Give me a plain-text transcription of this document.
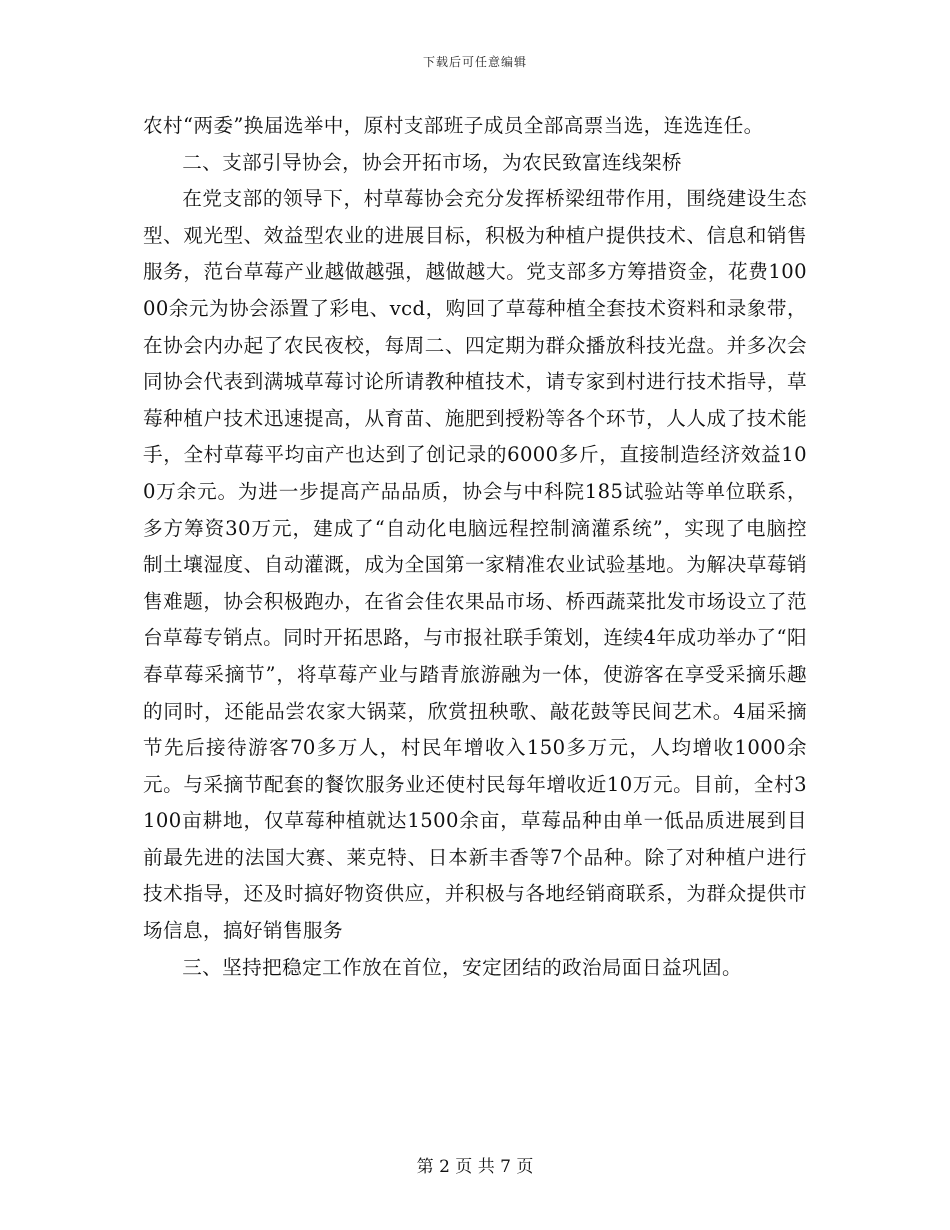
下载后可任意编辑

农村“两委”换届选举中，原村支部班子成员全部高票当选，连选连任。

二、支部引导协会，协会开拓市场，为农民致富连线架桥

在党支部的领导下，村草莓协会充分发挥桥梁纽带作用，围绕建设生态型、观光型、效益型农业的进展目标，积极为种植户提供技术、信息和销售服务，范台草莓产业越做越强，越做越大。党支部多方筹措资金，花费10000余元为协会添置了彩电、vcd，购回了草莓种植全套技术资料和录象带，在协会内办起了农民夜校，每周二、四定期为群众播放科技光盘。并多次会同协会代表到满城草莓讨论所请教种植技术，请专家到村进行技术指导，草莓种植户技术迅速提高，从育苗、施肥到授粉等各个环节，人人成了技术能手，全村草莓平均亩产也达到了创记录的6000多斤，直接制造经济效益100万余元。为进一步提高产品品质，协会与中科院185试验站等单位联系，多方筹资30万元，建成了“自动化电脑远程控制滴灌系统”，实现了电脑控制土壤湿度、自动灌溉，成为全国第一家精准农业试验基地。为解决草莓销售难题，协会积极跑办，在省会佳农果品市场、桥西蔬菜批发市场设立了范台草莓专销点。同时开拓思路，与市报社联手策划，连续4年成功举办了“阳春草莓采摘节”，将草莓产业与踏青旅游融为一体，使游客在享受采摘乐趣的同时，还能品尝农家大锅菜，欣赏扭秧歌、敲花鼓等民间艺术。4届采摘节先后接待游客70多万人，村民年增收入150多万元，人均增收1000余元。与采摘节配套的餐饮服务业还使村民每年增收近10万元。目前，全村3100亩耕地，仅草莓种植就达1500余亩，草莓品种由单一低品质进展到目前最先进的法国大赛、莱克特、日本新丰香等7个品种。除了对种植户进行技术指导，还及时搞好物资供应，并积极与各地经销商联系，为群众提供市场信息，搞好销售服务

三、坚持把稳定工作放在首位，安定团结的政治局面日益巩固。

第 2 页 共 7 页
